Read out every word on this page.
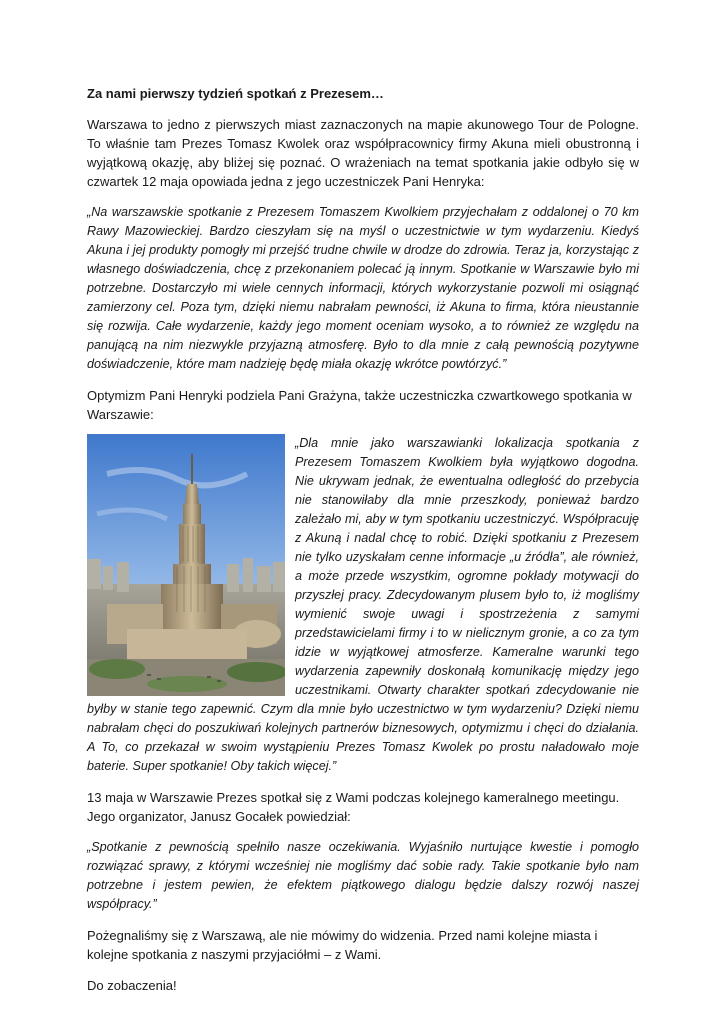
Za nami pierwszy tydzień spotkań z Prezesem…

Warszawa to jedno z pierwszych miast zaznaczonych na mapie akunowego Tour de Pologne. To właśnie tam Prezes Tomasz Kwolek oraz współpracownicy firmy Akuna mieli obustronną i wyjątkową okazję, aby bliżej się poznać. O wrażeniach na temat spotkania jakie odbyło się w czwartek 12 maja opowiada jedna z jego uczestniczek Pani Henryka:

„Na warszawskie spotkanie z Prezesem Tomaszem Kwolkiem przyjechałam z oddalonej o 70 km Rawy Mazowieckiej. Bardzo cieszyłam się na myśl o uczestnictwie w tym wydarzeniu. Kiedyś Akuna i jej produkty pomogły mi przejść trudne chwile w drodze do zdrowia. Teraz ja, korzystając z własnego doświadczenia, chcę z przekonaniem polecać ją innym. Spotkanie w Warszawie było mi potrzebne. Dostarczyło mi wiele cennych informacji, których wykorzystanie pozwoli mi osiągnąć zamierzony cel. Poza tym, dzięki niemu nabrałam pewności, iż Akuna to firma, która nieustannie się rozwija. Całe wydarzenie, każdy jego moment oceniam wysoko, a to również ze względu na panującą na nim niezwykle przyjazną atmosferę. Było to dla mnie z całą pewnością pozytywne doświadczenie, które mam nadzieję będę miała okazję wkrótce powtórzyć.”

Optymizm Pani Henryki podziela Pani Grażyna, także uczestniczka czwartkowego spotkania w Warszawie:

„Dla mnie jako warszawianki lokalizacja spotkania z Prezesem Tomaszem Kwolkiem była wyjątkowo dogodna. Nie ukrywam jednak, że ewentualna odległość do przebycia nie stanowiłaby dla mnie przeszkody, ponieważ bardzo zależało mi, aby w tym spotkaniu uczestniczyć. Współpracuję z Akuną i nadal chcę to robić. Dzięki spotkaniu z Prezesem nie tylko uzyskałam cenne informacje „u źródła”, ale również, a może przede wszystkim, ogromne pokłady motywacji do przyszłej pracy. Zdecydowanym plusem było to, iż mogliśmy wymienić swoje uwagi i spostrzeżenia z samymi przedstawicielami firmy i to w nielicznym gronie, a co za tym idzie w wyjątkowej atmosferze. Kameralne warunki tego wydarzenia zapewniły doskonałą komunikację między jego uczestnikami. Otwarty charakter spotkań zdecydowanie nie byłby w stanie tego zapewnić. Czym dla mnie było uczestnictwo w tym wydarzeniu? Dzięki niemu nabrałam chęci do poszukiwań kolejnych partnerów biznesowych, optymizmu i chęci do działania. A To, co przekazał w swoim wystąpieniu Prezes Tomasz Kwolek po prostu naładowało moje baterie. Super spotkanie! Oby takich więcej.”

13 maja w Warszawie Prezes spotkał się z Wami podczas kolejnego kameralnego meetingu. Jego organizator, Janusz Gocałek powiedział:

„Spotkanie z pewnością spełniło nasze oczekiwania. Wyjaśniło nurtujące kwestie i pomogło rozwiązać sprawy, z którymi wcześniej nie mogliśmy dać sobie rady. Takie spotkanie było nam potrzebne i jestem pewien, że efektem piątkowego dialogu będzie dalszy rozwój naszej współpracy.”

Pożegnaliśmy się z Warszawą, ale nie mówimy do widzenia. Przed nami kolejne miasta i kolejne spotkania z naszymi przyjaciółmi – z Wami.

Do zobaczenia!
